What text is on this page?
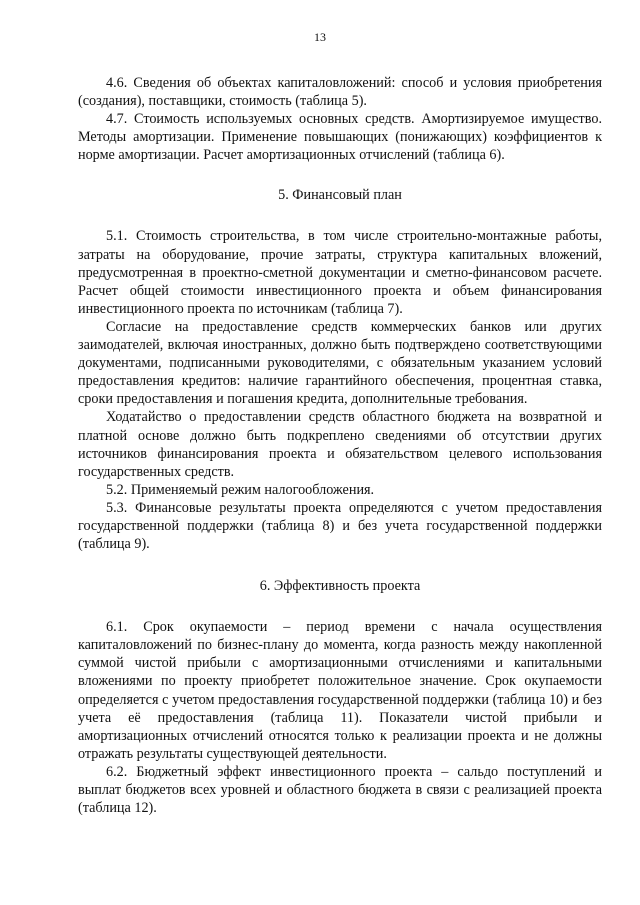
13

4.6. Сведения об объектах капиталовложений: способ и условия приобретения (создания), поставщики, стоимость (таблица 5).

4.7. Стоимость используемых основных средств. Амортизируемое имущество. Методы амортизации. Применение повышающих (понижающих) коэффициентов к норме амортизации. Расчет амортизационных отчислений (таблица 6).

5. Финансовый план

5.1. Стоимость строительства, в том числе строительно-монтажные работы, затраты на оборудование, прочие затраты, структура капитальных вложений, предусмотренная в проектно-сметной документации и сметно-финансовом расчете. Расчет общей стоимости инвестиционного проекта и объем финансирования инвестиционного проекта по источникам (таблица 7).

Согласие на предоставление средств коммерческих банков или других заимодателей, включая иностранных, должно быть подтверждено соответствующими документами, подписанными руководителями, с обязательным указанием условий предоставления кредитов: наличие гарантийного обеспечения, процентная ставка, сроки предоставления и погашения кредита, дополнительные требования.

Ходатайство о предоставлении средств областного бюджета на возвратной и платной основе должно быть подкреплено сведениями об отсутствии других источников финансирования проекта и обязательством целевого использования государственных средств.

5.2. Применяемый режим налогообложения.

5.3. Финансовые результаты проекта определяются с учетом предоставления государственной поддержки (таблица 8) и без учета государственной поддержки (таблица 9).

6. Эффективность проекта

6.1. Срок окупаемости – период времени с начала осуществления капиталовложений по бизнес-плану до момента, когда разность между накопленной суммой чистой прибыли с амортизационными отчислениями и капитальными вложениями по проекту приобретет положительное значение. Срок окупаемости определяется с учетом предоставления государственной поддержки (таблица 10) и без учета её предоставления (таблица 11). Показатели чистой прибыли и амортизационных отчислений относятся только к реализации проекта и не должны отражать результаты существующей деятельности.

6.2. Бюджетный эффект инвестиционного проекта – сальдо поступлений и выплат бюджетов всех уровней и областного бюджета в связи с реализацией проекта (таблица 12).
